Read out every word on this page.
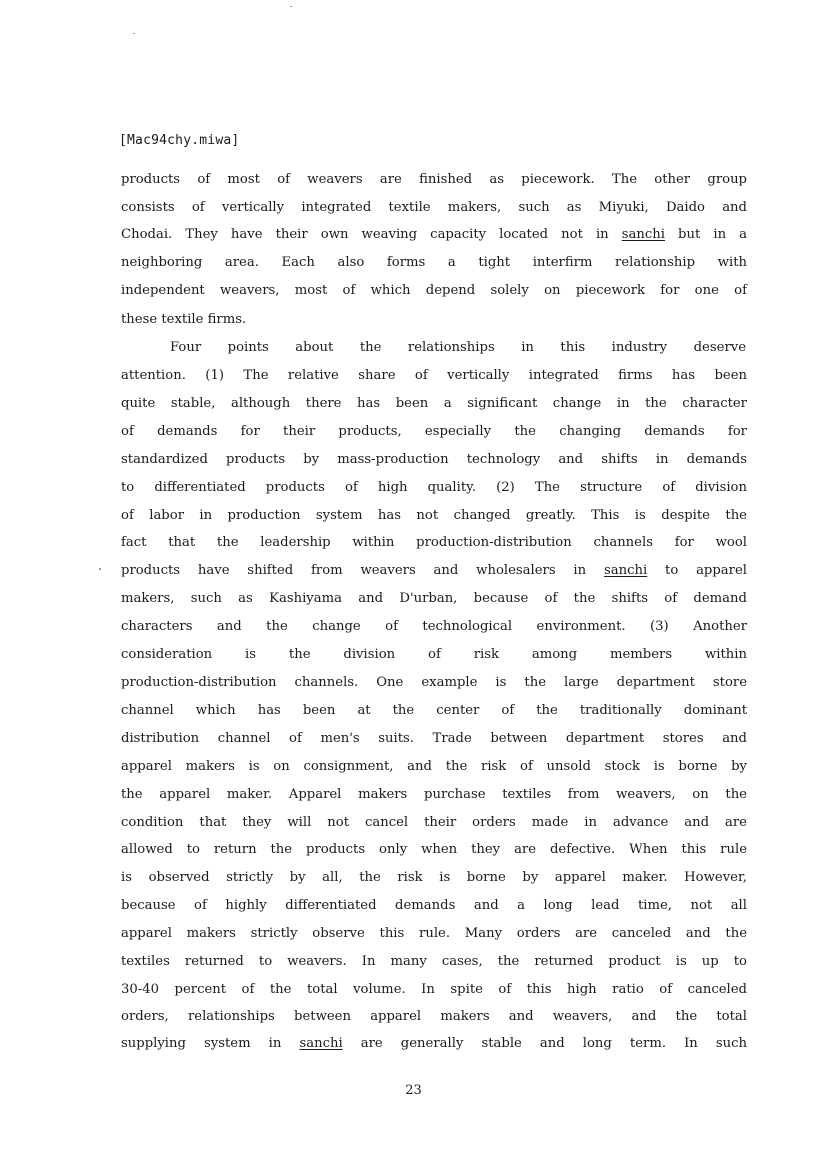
[Mac94chy.miwa]
products of most of weavers are finished as piecework. The other group
consists of vertically integrated textile makers, such as Miyuki, Daido and
Chodai. They have their own weaving capacity located not in sanchi but in a
neighboring area. Each also forms a tight interfirm relationship with
independent weavers, most of which depend solely on piecework for one of
these textile firms.
Four points about the relationships in this industry deserve
attention. (1) The relative share of vertically integrated firms has been
quite stable, although there has been a significant change in the character
of demands for their products, especially the changing demands for
standardized products by mass-production technology and shifts in demands
to differentiated products of high quality. (2) The structure of division
of labor in production system has not changed greatly. This is despite the
fact that the leadership within production-distribution channels for wool
products have shifted from weavers and wholesalers in sanchi to apparel
makers, such as Kashiyama and D'urban, because of the shifts of demand
characters and the change of technological environment. (3) Another
consideration is the division of risk among members within
production-distribution channels. One example is the large department store
channel which has been at the center of the traditionally dominant
distribution channel of men's suits. Trade between department stores and
apparel makers is on consignment, and the risk of unsold stock is borne by
the apparel maker. Apparel makers purchase textiles from weavers, on the
condition that they will not cancel their orders made in advance and are
allowed to return the products only when they are defective. When this rule
is observed strictly by all, the risk is borne by apparel maker. However,
because of highly differentiated demands and a long lead time, not all
apparel makers strictly observe this rule. Many orders are canceled and the
textiles returned to weavers. In many cases, the returned product is up to
30-40 percent of the total volume. In spite of this high ratio of canceled
orders, relationships between apparel makers and weavers, and the total
supplying system in sanchi are generally stable and long term. In such
23
